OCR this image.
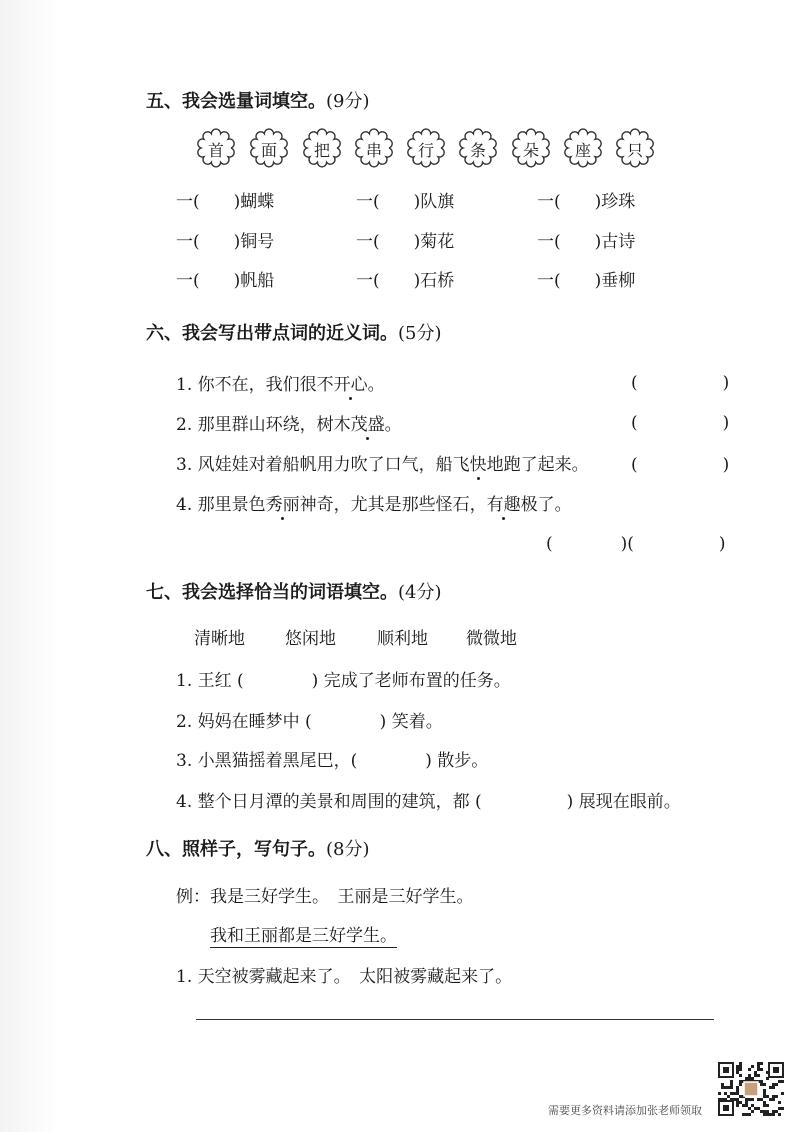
五、我会选量词填空。(9分)
首	面	把	串	行	条	朵	座	只
一(　　)蝴蝶	一(　　)队旗	一(　　)珍珠
一(　　)铜号	一(　　)菊花	一(　　)古诗
一(　　)帆船	一(　　)石桥	一(　　)垂柳
六、我会写出带点词的近义词。(5分)
1. 你不在，我们很不开心。	(　　　　　)
2. 那里群山环绕，树木茂盛。	(　　　　　)
3. 风娃娃对着船帆用力吹了口气，船飞快地跑了起来。 (　　　　　)
4. 那里景色秀丽神奇，尤其是那些怪石，有趣极了。
(　　　　)(　　　　　)
七、我会选择恰当的词语填空。(4分)
清晰地 悠闲地 顺利地 微微地
1. 王红 (　　　　) 完成了老师布置的任务。
2. 妈妈在睡梦中 (　　　　) 笑着。
3. 小黑猫摇着黑尾巴，(　　　　) 散步。
4. 整个日月潭的美景和周围的建筑，都 (　　　　　) 展现在眼前。
八、照样子，写句子。(8分)
例：我是三好学生。　王丽是三好学生。
我和王丽都是三好学生。
1. 天空被雾藏起来了。　太阳被雾藏起来了。
需要更多资料请添加张老师领取
